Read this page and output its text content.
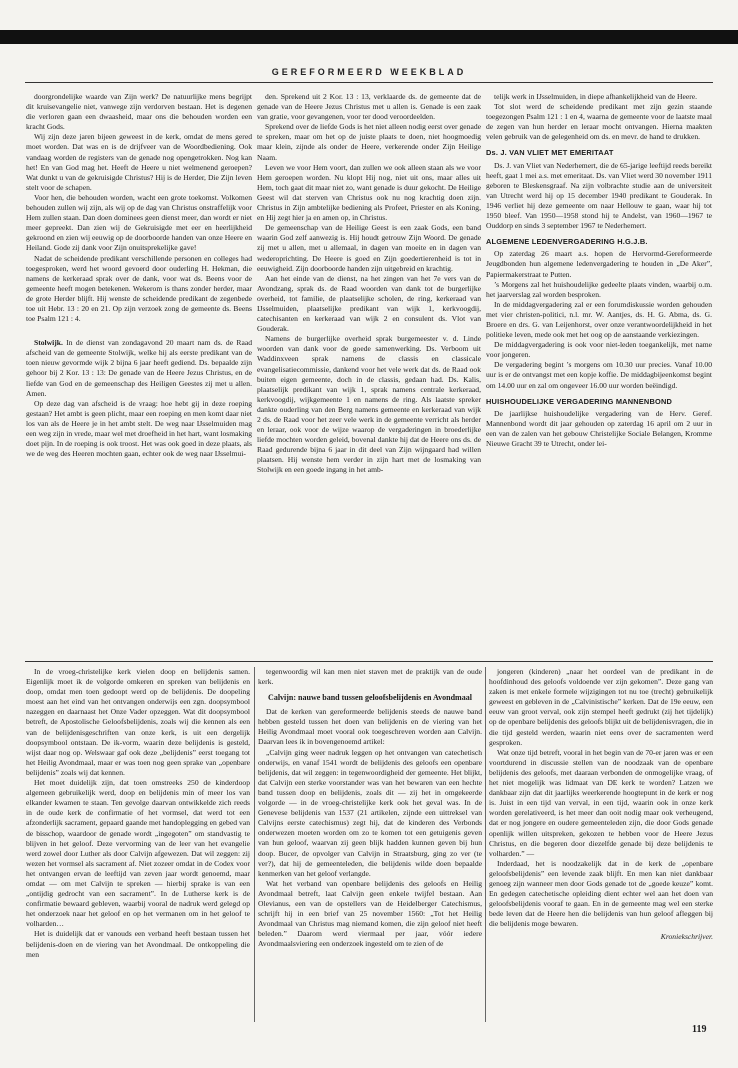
GEREFORMEERD WEEKBLAD

doorgrondelijke waarde van Zijn werk? De natuurlijke mens begrijpt dit kruisevangelie niet, vanwege zijn verdorven bestaan. Het is degenen die verloren gaan een dwaasheid, maar ons die behouden worden een kracht Gods.

Wij zijn deze jaren bijeen geweest in de kerk, omdat de mens gered moet worden. Dat was en is de drijfveer van de Woordbediening. Ook vandaag worden de registers van de genade nog opengetrokken. Nog kan het! En van God mag het. Heeft de Heere u niet welmenend geroepen? Wat dunkt u van de gekruisigde Christus? Hij is de Herder, Die Zijn leven stelt voor de schapen.

Voor hen, die behouden worden, wacht een grote toekomst. Volkomen behouden zullen wij zijn, als wij op de dag van Christus onstraffelijk voor Hem zullen staan. Dan doen dominees geen dienst meer, dan wordt er niet meer gepreekt. Dan zien wij de Gekruisigde met eer en heerlijkheid gekroond en zien wij eeuwig op de doorboorde handen van onze Heere en Heiland. Gode zij dank voor Zijn onuitsprekelijke gave!

Nadat de scheidende predikant verschillende personen en colleges had toegesproken, werd het woord gevoerd door ouderling H. Hekman, die namens de kerkeraad sprak over de dank, voor wat ds. Beens voor de gemeente heeft mogen betekenen. Wekerom is thans zonder herder, maar de grote Herder blijft. Hij wenste de scheidende predikant de zegenbede toe uit Hebr. 13 : 20 en 21. Op zijn verzoek zong de gemeente ds. Beens toe Psalm 121 : 4.

Stolwijk. In de dienst van zondagavond 20 maart nam ds. de Raad afscheid van de gemeente Stolwijk, welke hij als eerste predikant van de toen nieuw gevormde wijk 2 bijna 6 jaar heeft gediend. Ds. bepaalde zijn gehoor bij 2 Kor. 13 : 13: De genade van de Heere Jezus Christus, en de liefde van God en de gemeenschap des Heiligen Geestes zij met u allen. Amen.

Op deze dag van afscheid is de vraag: hoe hebt gij in deze roeping gestaan? Het ambt is geen plicht, maar een roeping en men komt daar niet los van als de Heere je in het ambt stelt. De weg naar IJsselmuiden mag een weg zijn in vrede, maar wel met droefheid in het hart, want losmaking doet pijn. In de roeping is ook troost. Het was ook goed in deze plaats, als we de weg des Heeren mochten gaan, echter ook de weg naar IJsselmui-

den. Sprekend uit 2 Kor. 13 : 13, verklaarde ds. de gemeente dat de genade van de Heere Jezus Christus met u allen is. Genade is een zaak van gratie, voor gevangenen, voor ter dood veroordeelden.

Sprekend over de liefde Gods is het niet alleen nodig eerst over genade te spreken, maar om het op de juiste plaats te doen, niet hoogmoedig maar klein, zijnde als onder de Heere, verkerende onder Zijn Heilige Naam.

Leven we voor Hem voort, dan zullen we ook alleen staan als we voor Hem geroepen worden. Nu klopt Hij nog, niet uit ons, maar alles uit Hem, toch gaat dit maar niet zo, want genade is duur gekocht. De Heilige Geest wil dat sterven van Christus ook nu nog krachtig doen zijn. Christus in Zijn ambtelijke bediening als Profeet, Priester en als Koning, en Hij zegt hier ja en amen op, in Christus.

De gemeenschap van de Heilige Geest is een zaak Gods, een band waarin God zelf aanwezig is. Hij houdt getrouw Zijn Woord. De genade zij met u allen, met u allemaal, in dagen van moeite en in dagen van wederoprichting. De Heere is goed en Zijn goedertierenheid is tot in eeuwigheid. Zijn doorboorde handen zijn uitgebreid en krachtig.

Aan het einde van de dienst, na het zingen van het 7e vers van de Avondzang, sprak ds. de Raad woorden van dank tot de burgerlijke overheid, tot familie, de plaatselijke scholen, de ring, kerkeraad van IJsselmuiden, plaatselijke predikant van wijk 1, kerkvoogdij, catechisanten en kerkeraad van wijk 2 en consulent ds. Vlot van Gouderak.

Namens de burgerlijke overheid sprak burgemeester v. d. Linde woorden van dank voor de goede samenwerking. Ds. Verboom uit Waddinxveen sprak namens de classis en classicale evangelisatiecommissie, dankend voor het vele werk dat ds. de Raad ook buiten eigen gemeente, doch in de classis, gedaan had. Ds. Kalis, plaatselijk predikant van wijk 1, sprak namens centrale kerkeraad, kerkvoogdij, wijkgemeente 1 en namens de ring. Als laatste spreker dankte ouderling van den Berg namens gemeente en kerkeraad van wijk 2 ds. de Raad voor het zeer vele werk in de gemeente verricht als herder en leraar, ook voor de wijze waarop de vergaderingen in broederlijke liefde mochten worden geleid, bovenal dankte hij dat de Heere ons ds. de Raad gedurende bijna 6 jaar in dit deel van Zijn wijngaard had willen plaatsen. Hij wenste hem verder in zijn hart met de losmaking van Stolwijk en een goede ingang in het amb-

telijk werk in IJsselmuiden, in diepe afhankelijkheid van de Heere.

Tot slot werd de scheidende predikant met zijn gezin staande toegezongen Psalm 121 : 1 en 4, waarna de gemeente voor de laatste maal de zegen van hun herder en leraar mocht ontvangen. Hierna maakten velen gebruik van de gelegenheid om ds. en mevr. de hand te drukken.

Ds. J. VAN VLIET MET EMERITAAT

Ds. J. van Vliet van Nederhemert, die de 65-jarige leeftijd reeds bereikt heeft, gaat 1 mei a.s. met emeritaat. Ds. van Vliet werd 30 november 1911 geboren te Bleskensgraaf. Na zijn volbrachte studie aan de universiteit van Utrecht werd hij op 15 december 1940 predikant te Gouderak. In 1946 verliet hij deze gemeente om naar Hellouw te gaan, waar hij tot 1950 bleef. Van 1950—1958 stond hij te Andelst, van 1960—1967 te Ouddorp en sinds 3 september 1967 te Nederhemert.

ALGEMENE LEDENVERGADERING H.G.J.B.

Op zaterdag 26 maart a.s. hopen de Hervormd-Gereformeerde Jeugdbonden hun algemene ledenvergadering te houden in „De Aker”, Papiermakerstraat te Putten.

’s Morgens zal het huishoudelijke gedeelte plaats vinden, waarbij o.m. het jaarverslag zal worden besproken.

In de middagvergadering zal er een forumdiskussie worden gehouden met vier christen-politici, n.l. mr. W. Aantjes, ds. H. G. Abma, ds. G. Broere en drs. G. van Leijenhorst, over onze verantwoordelijkheid in het politieke leven, mede ook met het oog op de aanstaande verkiezingen.

De middagvergadering is ook voor niet-leden toegankelijk, met name voor jongeren.

De vergadering begint ’s morgens om 10.30 uur precies. Vanaf 10.00 uur is er de ontvangst met een kopje koffie. De middagbijeenkomst begint om 14.00 uur en zal om ongeveer 16.00 uur worden beëindigd.

HUISHOUDELIJKE VERGADERING MANNENBOND

De jaarlijkse huishoudelijke vergadering van de Herv. Geref. Mannenbond wordt dit jaar gehouden op zaterdag 16 april om 2 uur in een van de zalen van het gebouw Christelijke Sociale Belangen, Kromme Nieuwe Gracht 39 te Utrecht, onder lei-

In de vroeg-christelijke kerk vielen doop en belijdenis samen. Eigenlijk moet ik de volgorde omkeren en spreken van belijdenis en doop, omdat men toen gedoopt werd op de belijdenis. De doopeling moest aan het eind van het ontvangen onderwijs een zgn. doopsymbool nazeggen en daarnaast het Onze Vader opzeggen. Wat dit doopsymbool betreft, de Apostolische Geloofsbelijdenis, zoals wij die kennen als een van de belijdenisgeschriften van onze kerk, is uit een dergelijk doopsymbool ontstaan. De ik-vorm, waarin deze belijdenis is gesteld, wijst daar nog op. Welswaar gaf ook deze „belijdenis” eerst toegang tot het Heilig Avondmaal, maar er was toen nog geen sprake van „openbare belijdenis” zoals wij dat kennen.

Het moet duidelijk zijn, dat toen omstreeks 250 de kinderdoop algemeen gebruikelijk werd, doop en belijdenis min of meer los van elkander kwamen te staan. Ten gevolge daarvan ontwikkelde zich reeds in de oude kerk de confirmatie of het vormsel, dat werd tot een afzonderlijk sacrament, gepaard gaande met handoplegging en gebed van de bisschop, waardoor de genade wordt „ingegoten” om standvastig te blijven in het geloof. Deze vervorming van de leer van het evangelie werd zowel door Luther als door Calvijn afgewezen. Dat wil zeggen: zij wezen het vormsel als sacrament af. Niet zozeer omdat in de Codex voor het ontvangen ervan de leeftijd van zeven jaar wordt genoemd, maar omdat — om met Calvijn te spreken — hierbij sprake is van een „ontijdig gedrocht van een sacrament”. In de Lutherse kerk is de confirmatie bewaard gebleven, waarbij vooral de nadruk werd gelegd op het onderzoek naar het geloof en op het vermanen om in het geloof te volharden…

Het is duidelijk dat er vanouds een verband heeft bestaan tussen het belijdenis-doen en de viering van het Avondmaal. De ontkoppeling die men

tegenwoordig wil kan men niet staven met de praktijk van de oude kerk.

Calvijn: nauwe band tussen geloofsbelijdenis en Avondmaal

Dat de kerken van gereformeerde belijdenis steeds de nauwe band hebben gesteld tussen het doen van belijdenis en de viering van het Heilig Avondmaal moet vooral ook toegeschreven worden aan Calvijn. Daarvan lees ik in bovengenoemd artikel:

„Calvijn ging weer nadruk leggen op het ontvangen van catechetisch onderwijs, en vanaf 1541 wordt de belijdenis des geloofs een openbare belijdenis, dat wil zeggen: in tegenwoordigheid der gemeente. Het blijkt, dat Calvijn een sterke voorstander was van het bewaren van een hechte band tussen doop en belijdenis, zoals dit — zij het in omgekeerde volgorde — in de vroeg-christelijke kerk ook het geval was. In de Genevese belijdenis van 1537 (21 artikelen, zijnde een uittreksel van Calvijns eerste catechismus) zegt hij, dat de kinderen des Verbonds onderwezen moeten worden om zo te komen tot een getuigenis geven van hun geloof, waarvan zij geen blijk hadden kunnen geven bij hun doop. Bucer, de opvolger van Calvijn in Straatsburg, ging zo ver (te ver?), dat hij de gemeenteleden, die belijdenis wilde doen bepaalde kenmerken van het geloof verlangde.

Wat het verband van openbare belijdenis des geloofs en Heilig Avondmaal betreft, laat Calvijn geen enkele twijfel bestaan. Aan Olevianus, een van de opstellers van de Heidelberger Catechismus, schrijft hij in een brief van 25 november 1560: „Tot het Heilig Avondmaal van Christus mag niemand komen, die zijn geloof niet heeft beleden.” Daarom werd viermaal per jaar, vóór iedere Avondmaalsviering een onderzoek ingesteld om te zien of de

jongeren (kinderen) „naar het oordeel van de predikant in de hoofdinhoud des geloofs voldoende ver zijn gekomen”. Deze gang van zaken is met enkele formele wijzigingen tot nu toe (trecht) gebruikelijk geweest en gebleven in de „Calvinistische” kerken. Dat de 19e eeuw, een eeuw van groot verval, ook zijn stempel heeft gedrukt (zij het tijdelijk) op de openbare belijdenis des geloofs blijkt uit de belijdenisvragen, die in die tijd gesteld werden, waarin niet eens over de sacramenten werd gesproken.

Wat onze tijd betreft, vooral in het begin van de 70-er jaren was er een voortdurend in discussie stellen van de noodzaak van de openbare belijdenis des geloofs, met daaraan verbonden de onmogelijke vraag, of het niet mogelijk was lidmaat van DE kerk te worden? Latzen we dankbaar zijn dat dit jaarlijks weerkerende hoogtepunt in de kerk er nog is. Juist in een tijd van verval, in een tijd, waarin ook in onze kerk worden gerelativeerd, is het meer dan ooit nodig maar ook verheugend, dat er nog jongere en oudere gemeenteleden zijn, die door Gods genade openlijk willen uitspreken, gekozen te hebben voor de Heere Jezus Christus, en die begeren door diezelfde genade bij deze belijdenis te volharden.” —

Inderdaad, het is noodzakelijk dat in de kerk de „openbare geloofsbelijdenis” een levende zaak blijft. En men kan niet dankbaar genoeg zijn wanneer men door Gods genade tot de „goede keuze” komt. En gedegen catechetische opleiding dient echter wel aan het doen van geloofsbelijdenis vooraf te gaan. En in de gemeente mag wel een sterke bede leven dat de Heere hen die belijdenis van hun geloof afleggen bij die belijdenis moge bewaren.

Kroniekschrijver.
119
